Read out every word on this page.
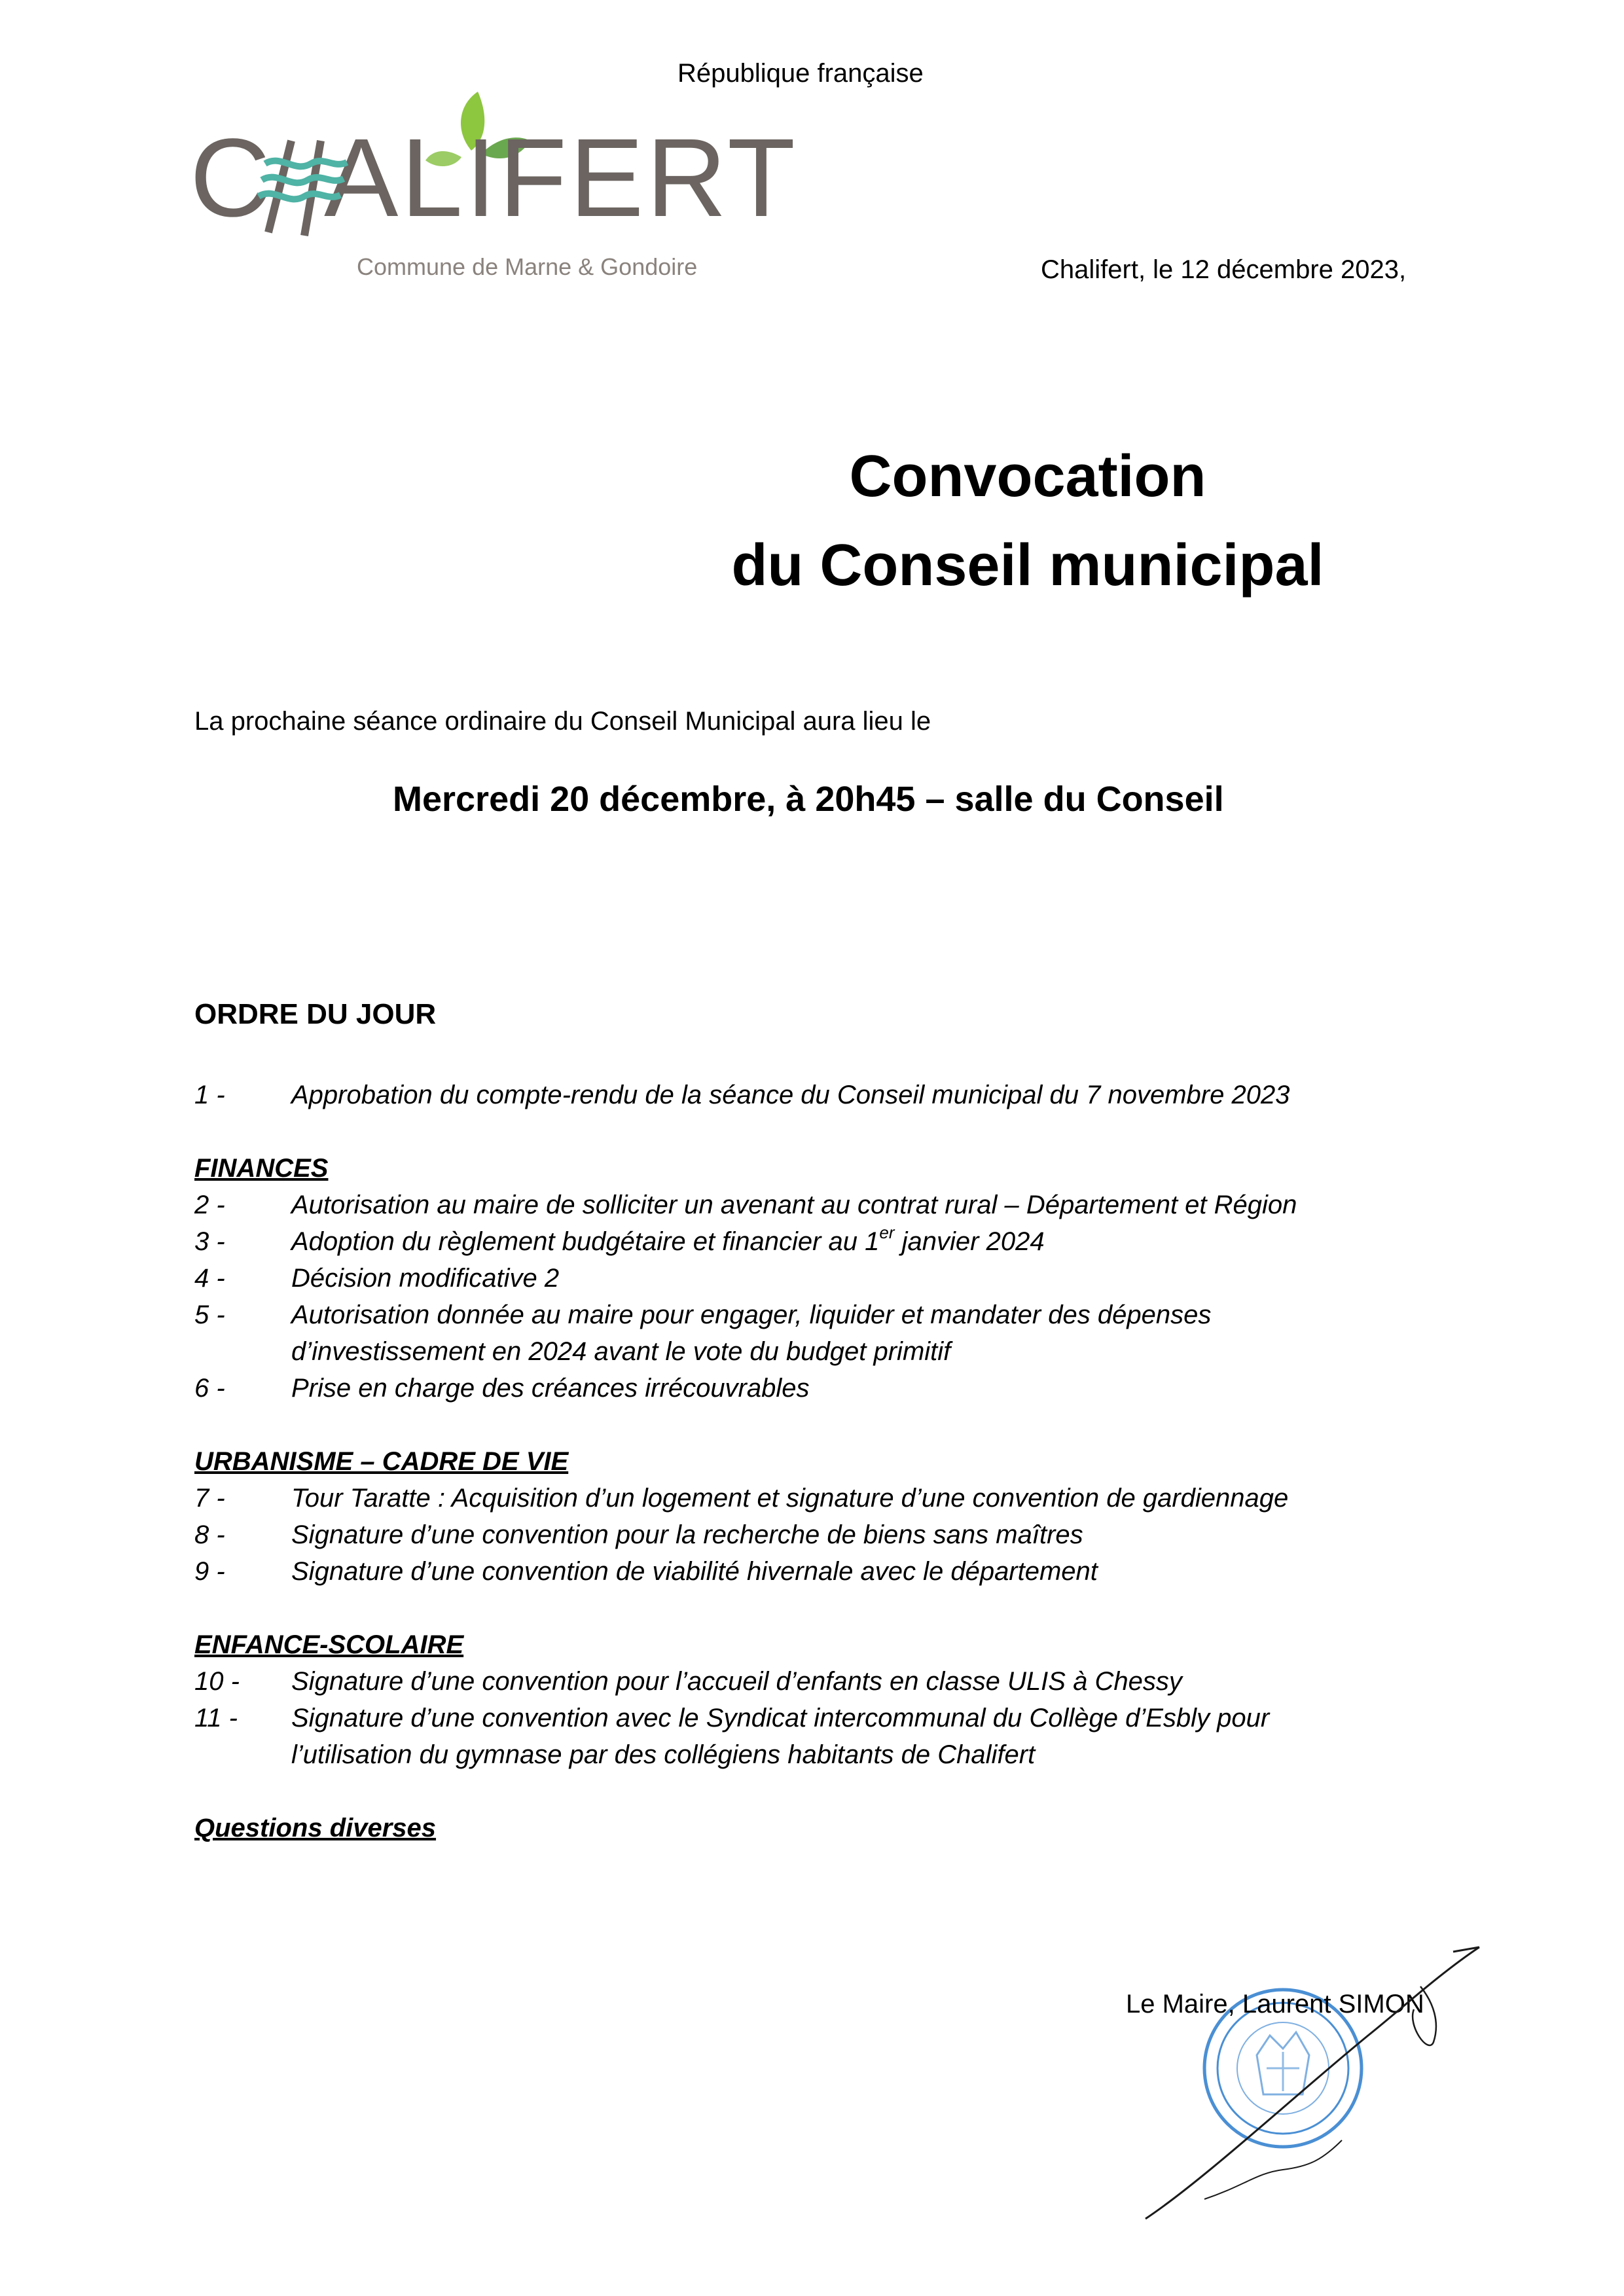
République française
C ALIFERT
Commune de Marne & Gondoire	Chalifert, le 12 décembre 2023,
Convocation
du Conseil municipal
La prochaine séance ordinaire du Conseil Municipal aura lieu le
Mercredi 20 décembre, à 20h45 – salle du Conseil
ORDRE DU JOUR
1 -	Approbation du compte-rendu de la séance du Conseil municipal du 7 novembre 2023
FINANCES
2 -	Autorisation au maire de solliciter un avenant au contrat rural – Département et Région
3 -	Adoption du règlement budgétaire et financier au 1er janvier 2024
4 -	Décision modificative 2
5 -	Autorisation donnée au maire pour engager, liquider et mandater des dépenses
d’investissement en 2024 avant le vote du budget primitif
6 -	Prise en charge des créances irrécouvrables
URBANISME – CADRE DE VIE
7 -	Tour Taratte : Acquisition d’un logement et signature d’une convention de gardiennage
8 -	Signature d’une convention pour la recherche de biens sans maîtres
9 -	Signature d’une convention de viabilité hivernale avec le département
ENFANCE-SCOLAIRE
10 - Signature d’une convention pour l’accueil d’enfants en classe ULIS à Chessy
11 - Signature d’une convention avec le Syndicat intercommunal du Collège d’Esbly pour
l’utilisation du gymnase par des collégiens habitants de Chalifert
Questions diverses
Le Maire, Laurent SIMON
